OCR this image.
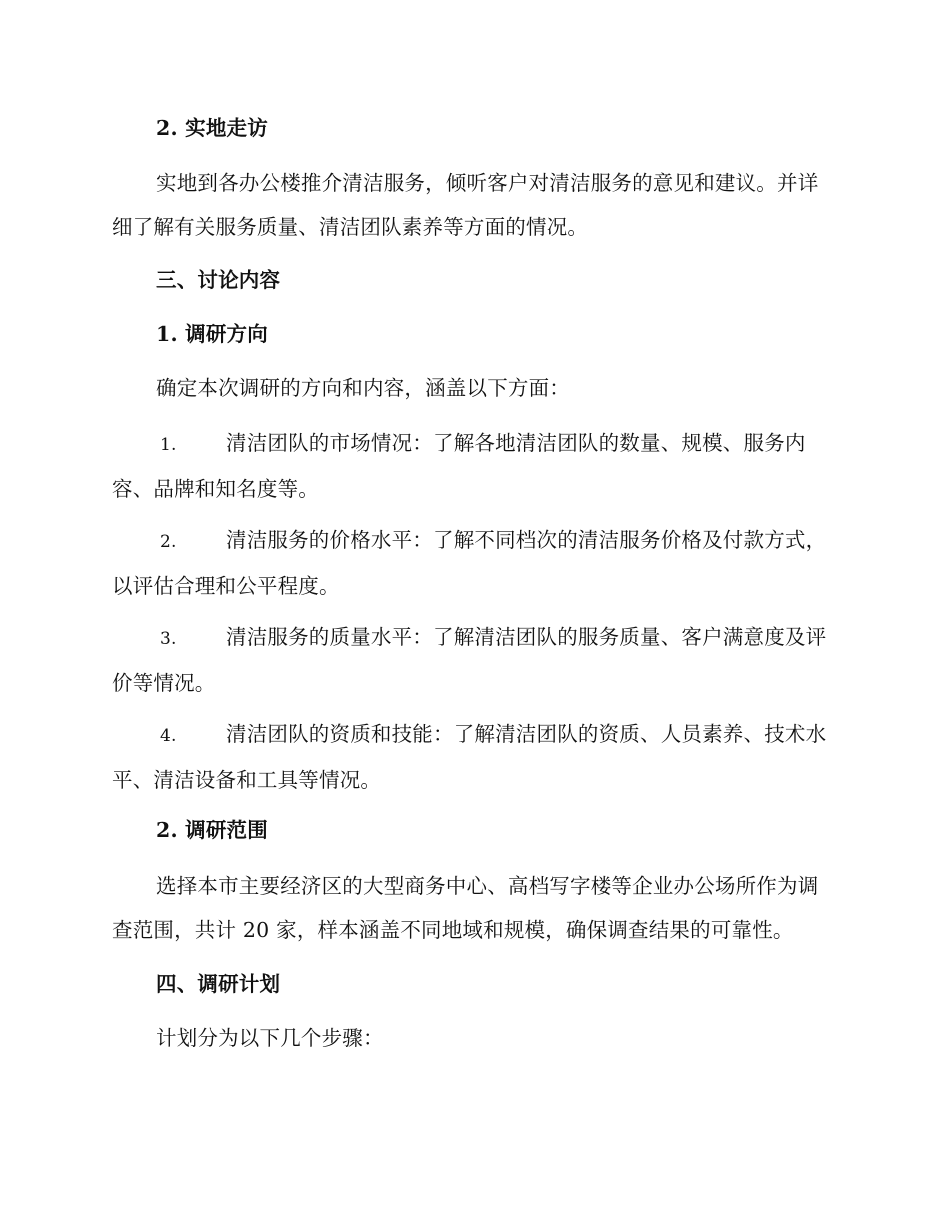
2. 实地走访
实地到各办公楼推介清洁服务，倾听客户对清洁服务的意见和建议。并详细了解有关服务质量、清洁团队素养等方面的情况。
三、讨论内容
1. 调研方向
确定本次调研的方向和内容，涵盖以下方面：
1. 清洁团队的市场情况：了解各地清洁团队的数量、规模、服务内容、品牌和知名度等。
2. 清洁服务的价格水平：了解不同档次的清洁服务价格及付款方式，以评估合理和公平程度。
3. 清洁服务的质量水平：了解清洁团队的服务质量、客户满意度及评价等情况。
4. 清洁团队的资质和技能：了解清洁团队的资质、人员素养、技术水平、清洁设备和工具等情况。
2. 调研范围
选择本市主要经济区的大型商务中心、高档写字楼等企业办公场所作为调查范围，共计 20 家，样本涵盖不同地域和规模，确保调查结果的可靠性。
四、调研计划
计划分为以下几个步骤：
